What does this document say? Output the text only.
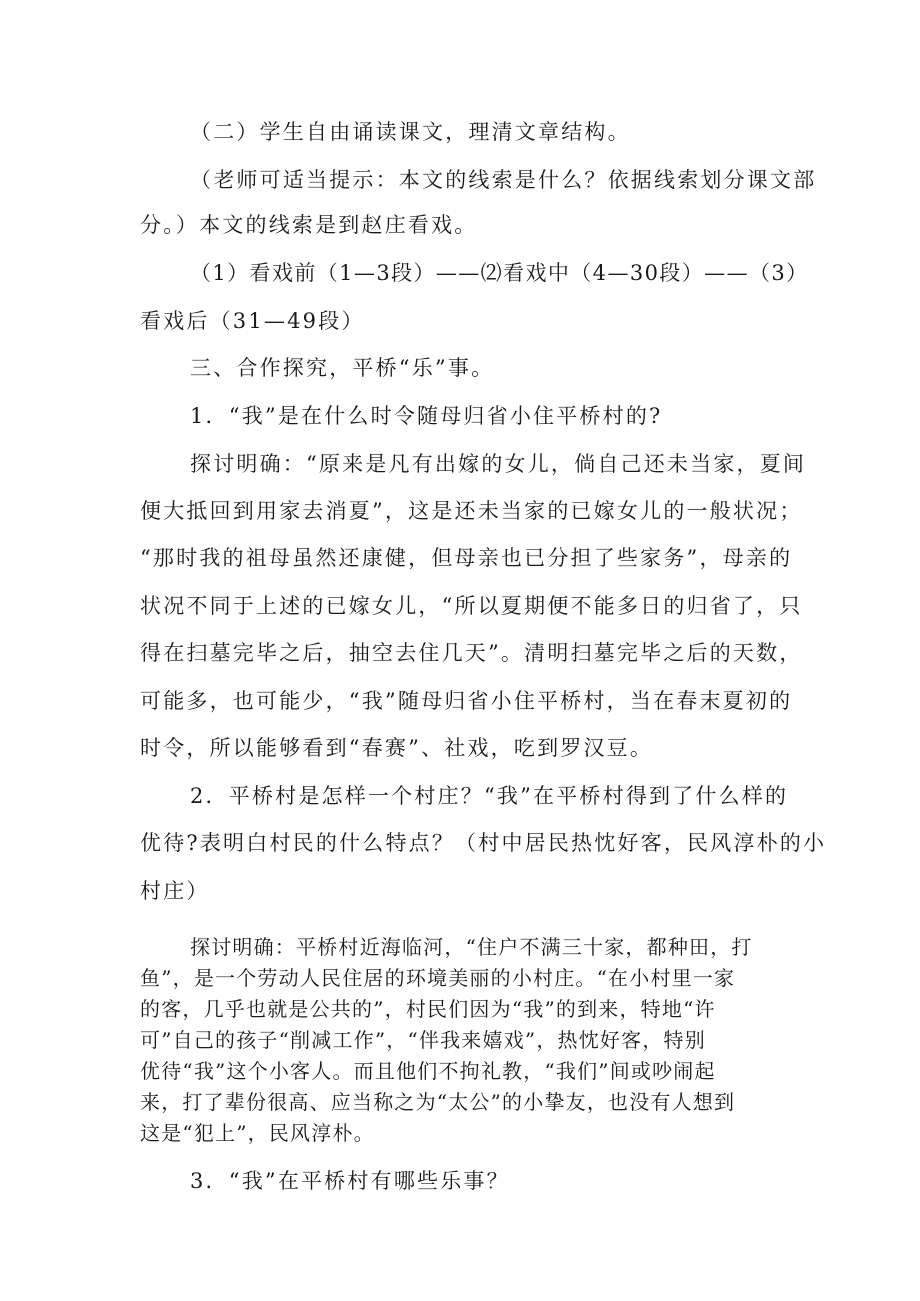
（二）学生自由诵读课文，理清文章结构。
（老师可适当提示：本文的线索是什么？依据线索划分课文部
分。）本文的线索是到赵庄看戏。
（1）看戏前（1—3段）——⑵看戏中（4—30段）——（3）
看戏后（31—49段）
三、合作探究，平桥“乐”事。
1．“我”是在什么时令随母归省小住平桥村的?
探讨明确：“原来是凡有出嫁的女儿，倘自己还未当家，夏间
便大抵回到用家去消夏”，这是还未当家的已嫁女儿的一般状况；
“那时我的祖母虽然还康健，但母亲也已分担了些家务”，母亲的
状况不同于上述的已嫁女儿，“所以夏期便不能多日的归省了，只
得在扫墓完毕之后，抽空去住几天”。清明扫墓完毕之后的天数，
可能多，也可能少，“我”随母归省小住平桥村，当在春末夏初的
时令，所以能够看到“春赛”、社戏，吃到罗汉豆。
2．平桥村是怎样一个村庄？“我”在平桥村得到了什么样的
优待?表明白村民的什么特点？（村中居民热忱好客，民风淳朴的小
村庄）
探讨明确：平桥村近海临河，“住户不满三十家，都种田，打
鱼”，是一个劳动人民住居的环境美丽的小村庄。“在小村里一家
的客，几乎也就是公共的”，村民们因为“我”的到来，特地“许
可”自己的孩子“削减工作”，“伴我来嬉戏”，热忱好客，特别
优待“我”这个小客人。而且他们不拘礼教，“我们”间或吵闹起
来，打了辈份很高、应当称之为“太公”的小挚友，也没有人想到
这是“犯上”，民风淳朴。
3．“我”在平桥村有哪些乐事？
